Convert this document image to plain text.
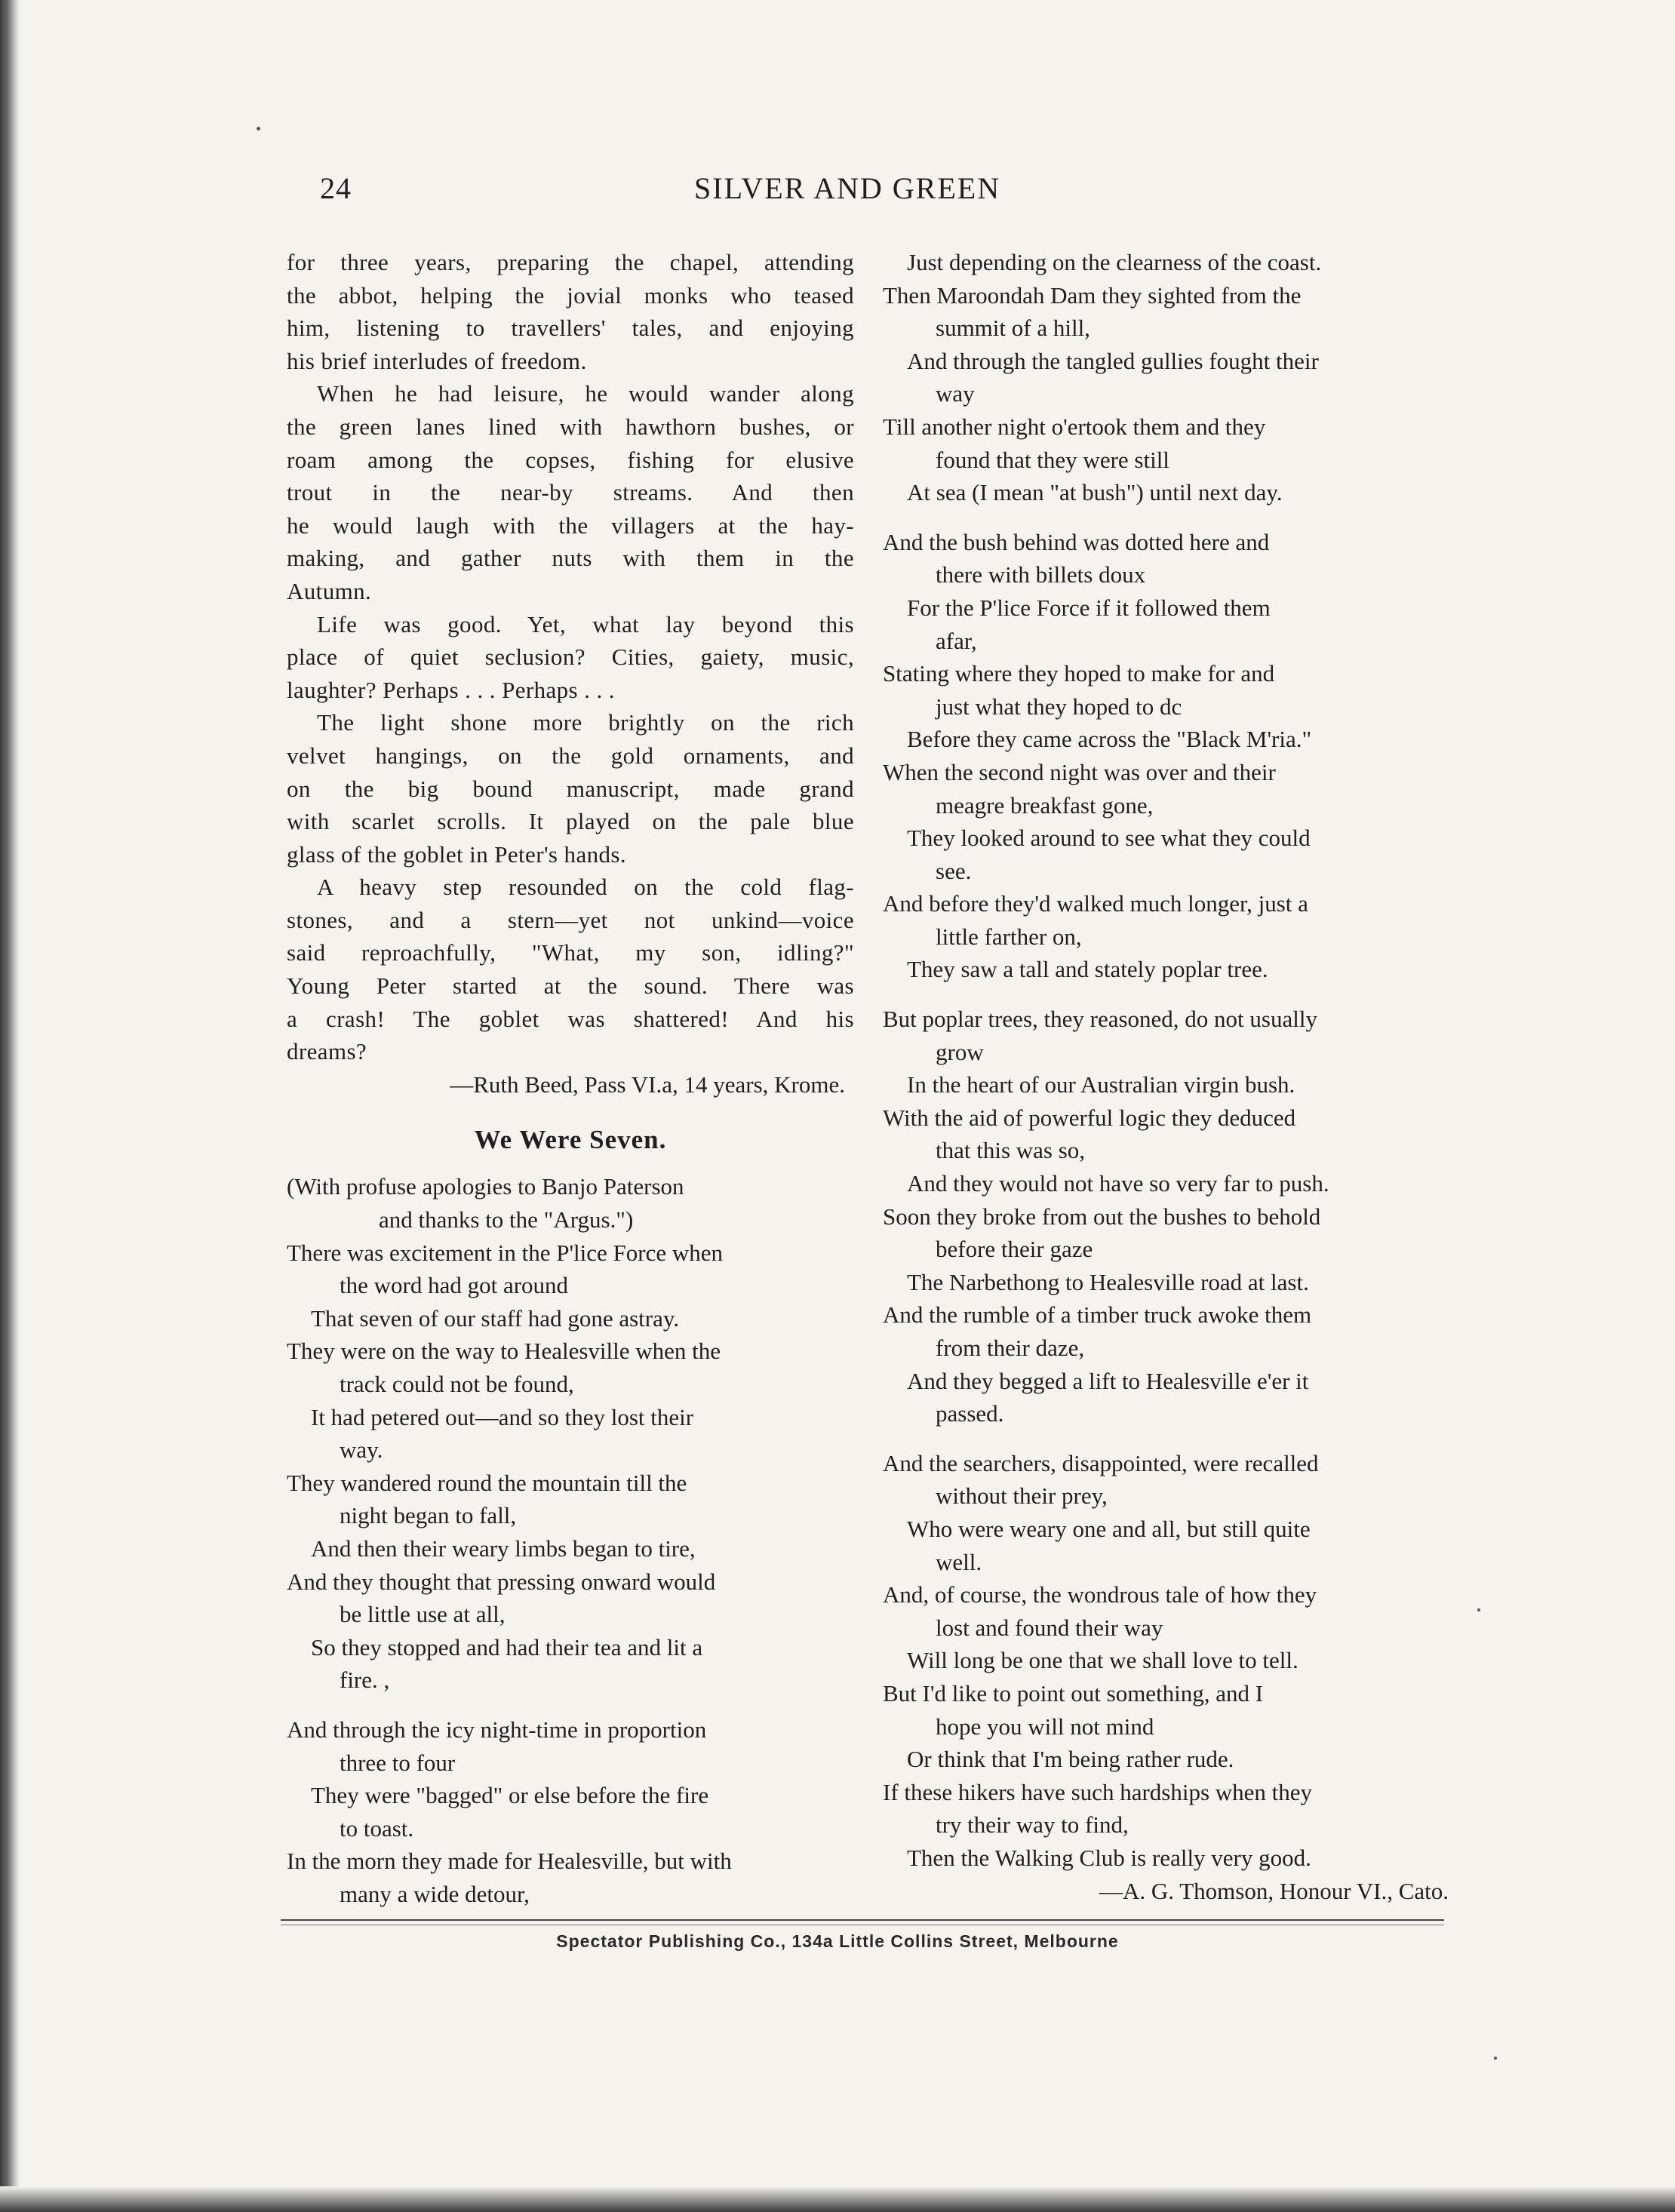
24	SILVER AND GREEN
for three years, preparing the chapel, attending
the abbot, helping the jovial monks who teased
him, listening to travellers' tales, and enjoying
his brief interludes of freedom.
When he had leisure, he would wander along
the green lanes lined with hawthorn bushes, or
roam among the copses, fishing for elusive
trout in the near-by streams. And then
he would laugh with the villagers at the hay-
making, and gather nuts with them in the
Autumn.
Life was good. Yet, what lay beyond this
place of quiet seclusion? Cities, gaiety, music,
laughter? Perhaps . . . Perhaps . . .
The light shone more brightly on the rich
velvet hangings, on the gold ornaments, and
on the big bound manuscript, made grand
with scarlet scrolls. It played on the pale blue
glass of the goblet in Peter's hands.
A heavy step resounded on the cold flag-
stones, and a stern—yet not unkind—voice
said reproachfully, "What, my son, idling?"
Young Peter started at the sound. There was
a crash! The goblet was shattered! And his
dreams?
—Ruth Beed, Pass VI.a, 14 years, Krome.
We Were Seven.
(With profuse apologies to Banjo Paterson
and thanks to the "Argus.")
There was excitement in the P'lice Force when
the word had got around
That seven of our staff had gone astray.
They were on the way to Healesville when the
track could not be found,
It had petered out—and so they lost their
way.
They wandered round the mountain till the
night began to fall,
And then their weary limbs began to tire,
And they thought that pressing onward would
be little use at all,
So they stopped and had their tea and lit a
fire. ,
And through the icy night-time in proportion
three to four
They were "bagged" or else before the fire
to toast.
In the morn they made for Healesville, but with
many a wide detour,
Just depending on the clearness of the coast.
Then Maroondah Dam they sighted from the
summit of a hill,
And through the tangled gullies fought their
way
Till another night o'ertook them and they
found that they were still
At sea (I mean "at bush") until next day.
And the bush behind was dotted here and
there with billets doux
For the P'lice Force if it followed them
afar,
Stating where they hoped to make for and
just what they hoped to dc
Before they came across the "Black M'ria."
When the second night was over and their
meagre breakfast gone,
They looked around to see what they could
see.
And before they'd walked much longer, just a
little farther on,
They saw a tall and stately poplar tree.
But poplar trees, they reasoned, do not usually
grow
In the heart of our Australian virgin bush.
With the aid of powerful logic they deduced
that this was so,
And they would not have so very far to push.
Soon they broke from out the bushes to behold
before their gaze
The Narbethong to Healesville road at last.
And the rumble of a timber truck awoke them
from their daze,
And they begged a lift to Healesville e'er it
passed.
And the searchers, disappointed, were recalled
without their prey,
Who were weary one and all, but still quite
well.
And, of course, the wondrous tale of how they
lost and found their way
Will long be one that we shall love to tell.
But I'd like to point out something, and I
hope you will not mind
Or think that I'm being rather rude.
If these hikers have such hardships when they
try their way to find,
Then the Walking Club is really very good.
—A. G. Thomson, Honour VI., Cato.
Spectator Publishing Co., 134a Little Collins Street, Melbourne
